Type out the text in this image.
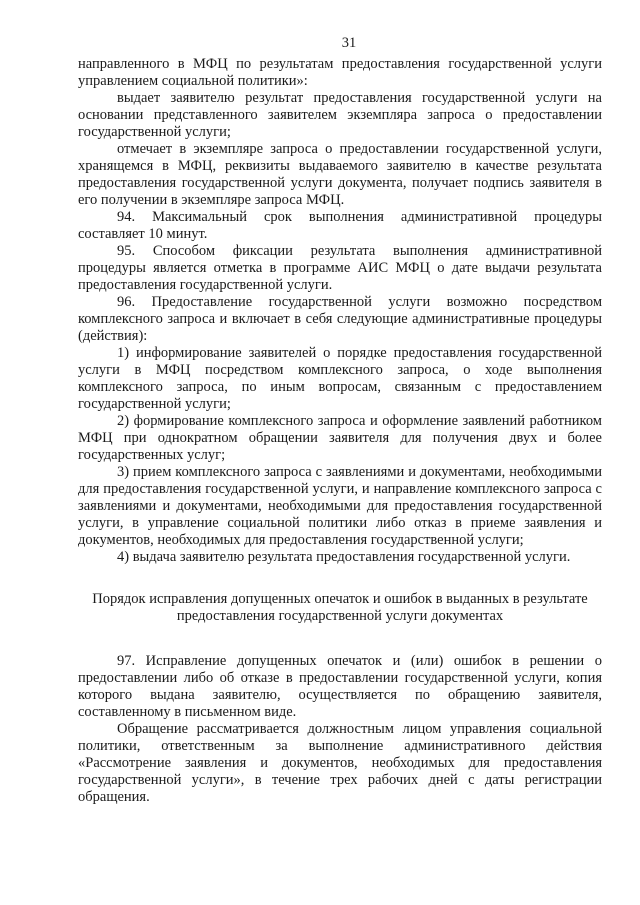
31

направленного в МФЦ по результатам предоставления государственной услуги управлением социальной политики»:

выдает заявителю результат предоставления государственной услуги на основании представленного заявителем экземпляра запроса о предоставлении государственной услуги;

отмечает в экземпляре запроса о предоставлении государственной услуги, хранящемся в МФЦ, реквизиты выдаваемого заявителю в качестве результата предоставления государственной услуги документа, получает подпись заявителя в его получении в экземпляре запроса МФЦ.

94. Максимальный срок выполнения административной процедуры составляет 10 минут.

95. Способом фиксации результата выполнения административной процедуры является отметка в программе АИС МФЦ о дате выдачи результата предоставления государственной услуги.

96. Предоставление государственной услуги возможно посредством комплексного запроса и включает в себя следующие административные процедуры (действия):

1) информирование заявителей о порядке предоставления государственной услуги в МФЦ посредством комплексного запроса, о ходе выполнения комплексного запроса, по иным вопросам, связанным с предоставлением государственной услуги;

2) формирование комплексного запроса и оформление заявлений работником МФЦ при однократном обращении заявителя для получения двух и более государственных услуг;

3) прием комплексного запроса с заявлениями и документами, необходимыми для предоставления государственной услуги, и направление комплексного запроса с заявлениями и документами, необходимыми для предоставления государственной услуги, в управление социальной политики либо отказ в приеме заявления и документов, необходимых для предоставления государственной услуги;

4) выдача заявителю результата предоставления государственной услуги.

Порядок исправления допущенных опечаток и ошибок в выданных в результате

предоставления государственной услуги документах

97. Исправление допущенных опечаток и (или) ошибок в решении о предоставлении либо об отказе в предоставлении государственной услуги, копия которого выдана заявителю, осуществляется по обращению заявителя, составленному в письменном виде.

Обращение рассматривается должностным лицом управления социальной политики, ответственным за выполнение административного действия «Рассмотрение заявления и документов, необходимых для предоставления государственной услуги», в течение трех рабочих дней с даты регистрации обращения.
